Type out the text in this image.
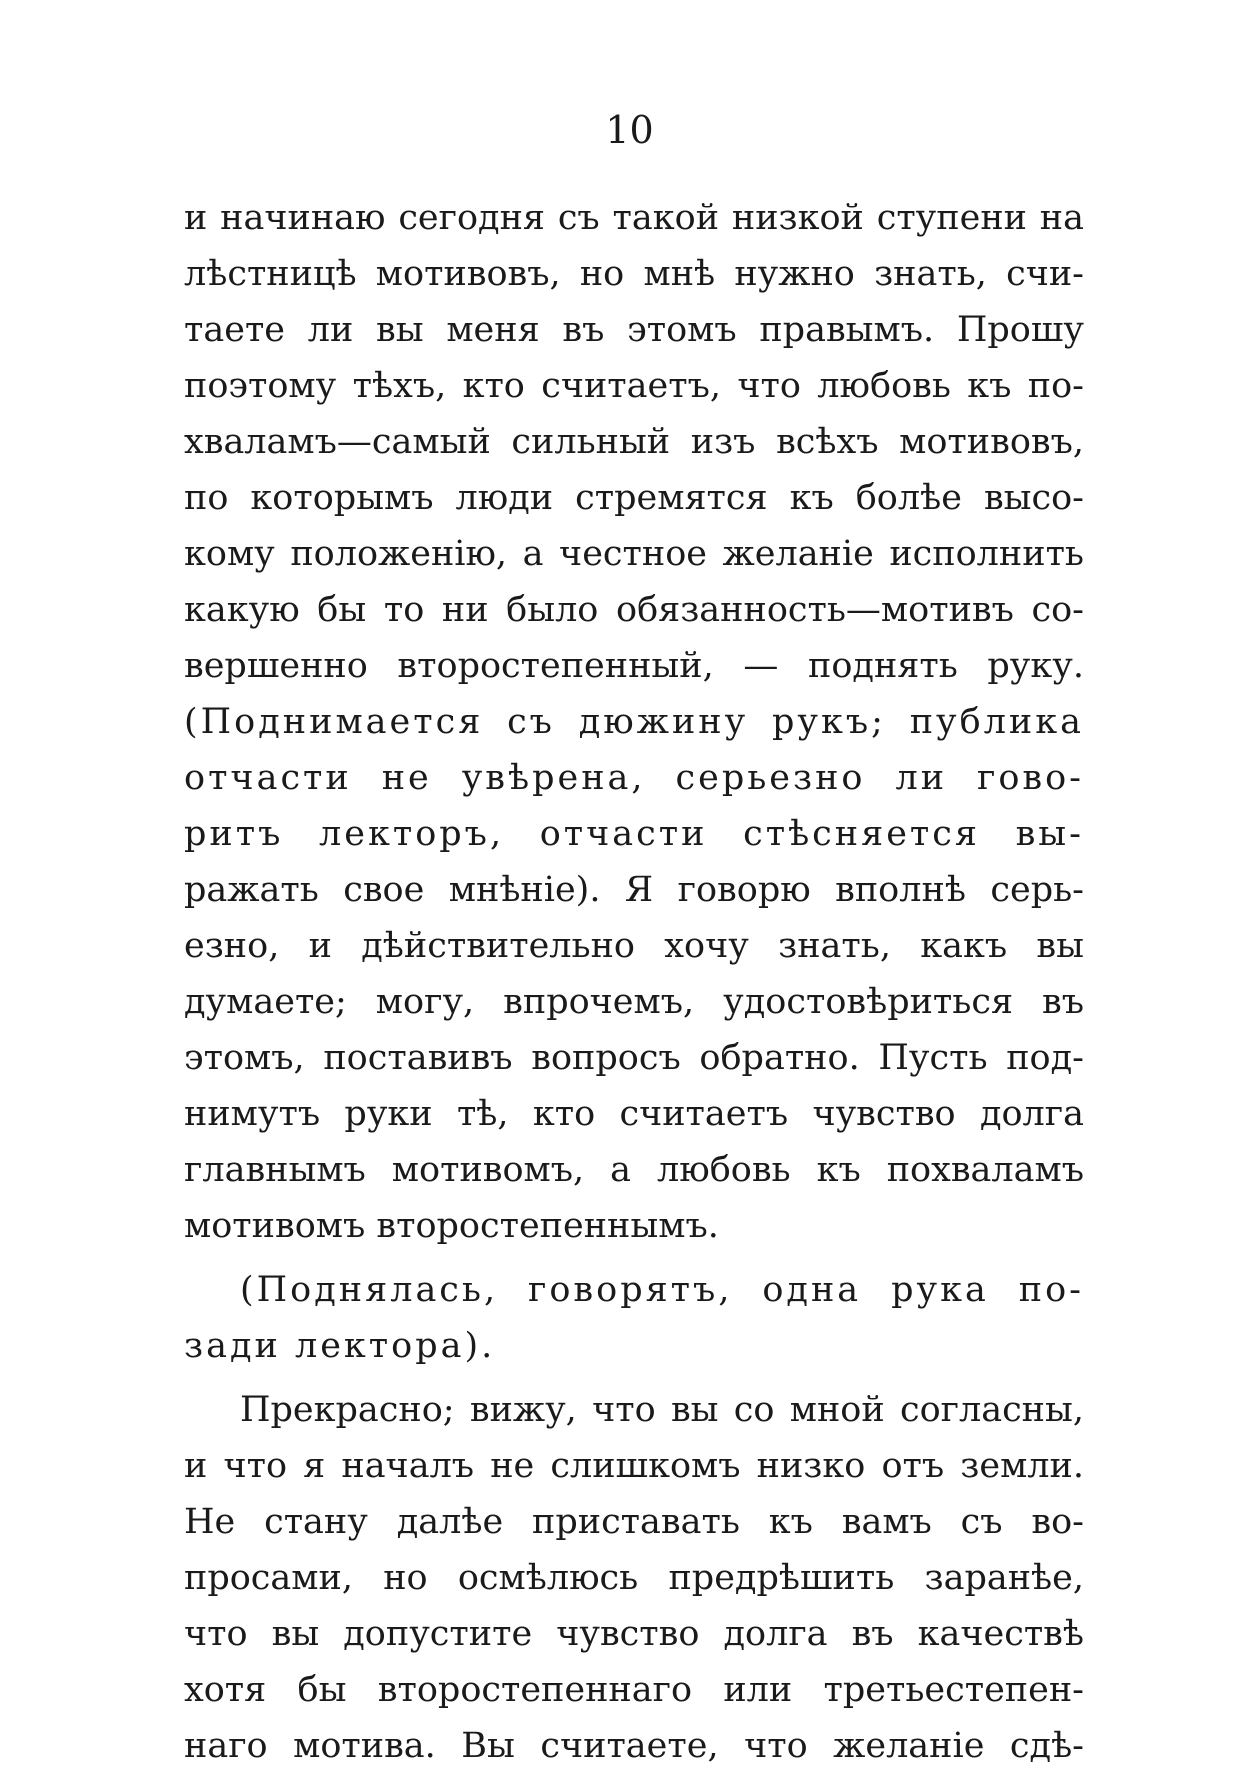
10
и начинаю сегодня съ такой низкой ступени на
лѣстницѣ мотивовъ, но мнѣ нужно знать, счи-
таете ли вы меня въ этомъ правымъ. Прошу
поэтому тѣхъ, кто считаетъ, что любовь къ по-
хваламъ—самый сильный изъ всѣхъ мотивовъ,
по которымъ люди стремятся къ болѣе высо-
кому положенію, а честное желаніе исполнить
какую бы то ни было обязанность—мотивъ со-
вершенно второстепенный, — поднять руку.
(Поднимается съ дюжину рукъ; публика
отчасти не увѣрена, серьезно ли гово-
ритъ лекторъ, отчасти стѣсняется вы-
ражать свое мнѣніе). Я говорю вполнѣ серь-
езно, и дѣйствительно хочу знать, какъ вы
думаете; могу, впрочемъ, удостовѣриться въ
этомъ, поставивъ вопросъ обратно. Пусть под-
нимутъ руки тѣ, кто считаетъ чувство долга
главнымъ мотивомъ, а любовь къ похваламъ
мотивомъ второстепеннымъ.
(Поднялась, говорятъ, одна рука по-
зади лектора).
Прекрасно; вижу, что вы со мной согласны,
и что я началъ не слишкомъ низко отъ земли.
Не стану далѣе приставать къ вамъ съ во-
просами, но осмѣлюсь предрѣшить заранѣе,
что вы допустите чувство долга въ качествѣ
хотя бы второстепеннаго или третьестепен-
наго мотива. Вы считаете, что желаніе сдѣ-
